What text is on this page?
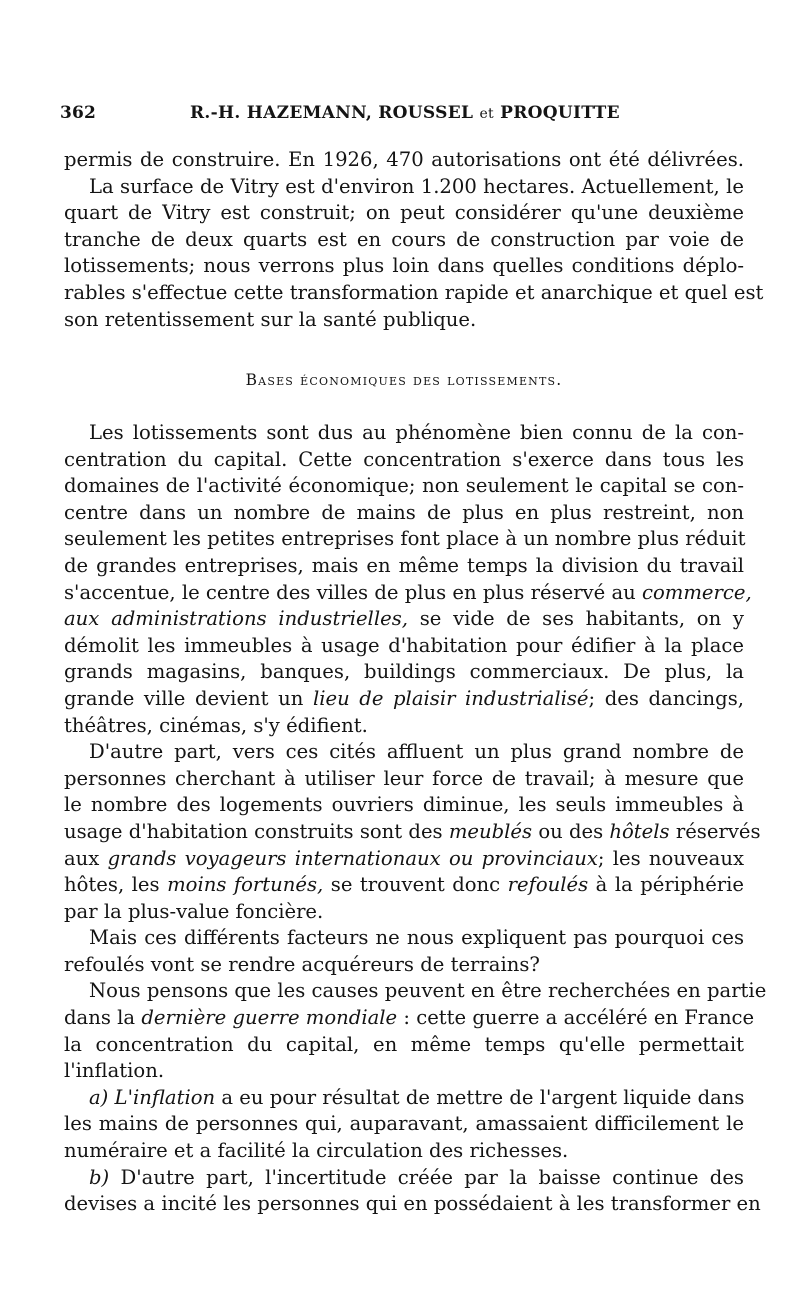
362	R.-H. HAZEMANN, ROUSSEL et PROQUITTE
permis de construire. En 1926, 470 autorisations ont été délivrées.
La surface de Vitry est d'environ 1.200 hectares. Actuellement, le
quart de Vitry est construit; on peut considérer qu'une deuxième
tranche de deux quarts est en cours de construction par voie de
lotissements; nous verrons plus loin dans quelles conditions déplo-
rables s'effectue cette transformation rapide et anarchique et quel est
son retentissement sur la santé publique.
Bases économiques des lotissements.
Les lotissements sont dus au phénomène bien connu de la con-
centration du capital. Cette concentration s'exerce dans tous les
domaines de l'activité économique; non seulement le capital se con-
centre dans un nombre de mains de plus en plus restreint, non
seulement les petites entreprises font place à un nombre plus réduit
de grandes entreprises, mais en même temps la division du travail
s'accentue, le centre des villes de plus en plus réservé au commerce,
aux administrations industrielles, se vide de ses habitants, on y
démolit les immeubles à usage d'habitation pour édifier à la place
grands magasins, banques, buildings commerciaux. De plus, la
grande ville devient un lieu de plaisir industrialisé; des dancings,
théâtres, cinémas, s'y édifient.
D'autre part, vers ces cités affluent un plus grand nombre de
personnes cherchant à utiliser leur force de travail; à mesure que
le nombre des logements ouvriers diminue, les seuls immeubles à
usage d'habitation construits sont des meublés ou des hôtels réservés
aux grands voyageurs internationaux ou provinciaux; les nouveaux
hôtes, les moins fortunés, se trouvent donc refoulés à la périphérie
par la plus-value foncière.
Mais ces différents facteurs ne nous expliquent pas pourquoi ces
refoulés vont se rendre acquéreurs de terrains?
Nous pensons que les causes peuvent en être recherchées en partie
dans la dernière guerre mondiale : cette guerre a accéléré en France
la concentration du capital, en même temps qu'elle permettait
l'inflation.
a) L'inflation a eu pour résultat de mettre de l'argent liquide dans
les mains de personnes qui, auparavant, amassaient difficilement le
numéraire et a facilité la circulation des richesses.
b) D'autre part, l'incertitude créée par la baisse continue des
devises a incité les personnes qui en possédaient à les transformer en
